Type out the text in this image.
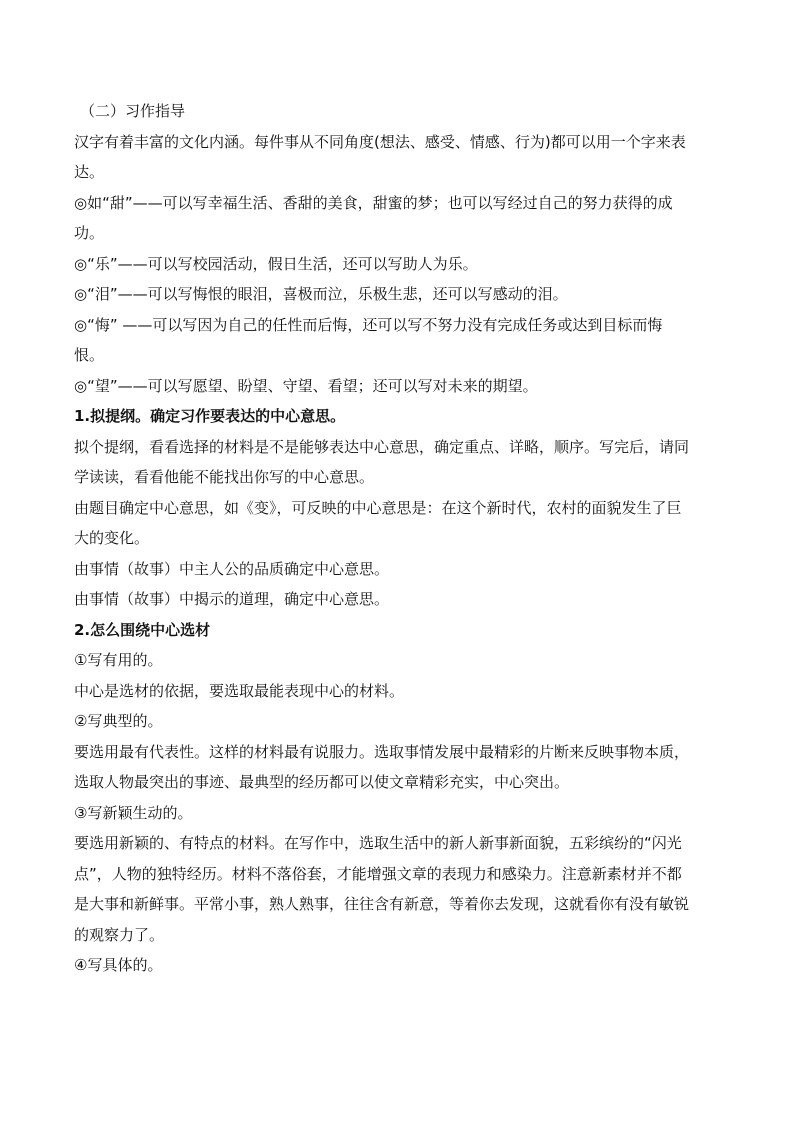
（二）习作指导
汉字有着丰富的文化内涵。每件事从不同角度(想法、感受、情感、行为)都可以用一个字来表
达。
◎如“甜”——可以写幸福生活、香甜的美食，甜蜜的梦；也可以写经过自己的努力获得的成
功。
◎“乐”——可以写校园活动，假日生活，还可以写助人为乐。
◎“泪”——可以写悔恨的眼泪，喜极而泣，乐极生悲，还可以写感动的泪。
◎“悔” ——可以写因为自己的任性而后悔，还可以写不努力没有完成任务或达到目标而悔
恨。
◎“望”——可以写愿望、盼望、守望、看望；还可以写对未来的期望。
1.拟提纲。确定习作要表达的中心意思。
拟个提纲，看看选择的材料是不是能够表达中心意思，确定重点、详略，顺序。写完后，请同
学读读，看看他能不能找出你写的中心意思。
由题目确定中心意思，如《变》，可反映的中心意思是：在这个新时代，农村的面貌发生了巨
大的变化。
由事情（故事）中主人公的品质确定中心意思。
由事情（故事）中揭示的道理，确定中心意思。
2.怎么围绕中心选材
①写有用的。
中心是选材的依据，要选取最能表现中心的材料。
②写典型的。
要选用最有代表性。这样的材料最有说服力。选取事情发展中最精彩的片断来反映事物本质，
选取人物最突出的事迹、最典型的经历都可以使文章精彩充实，中心突出。
③写新颖生动的。
要选用新颖的、有特点的材料。在写作中，选取生活中的新人新事新面貌，五彩缤纷的“闪光
点”，人物的独特经历。材料不落俗套，才能增强文章的表现力和感染力。注意新素材并不都
是大事和新鲜事。平常小事，熟人熟事，往往含有新意，等着你去发现，这就看你有没有敏锐
的观察力了。
④写具体的。
